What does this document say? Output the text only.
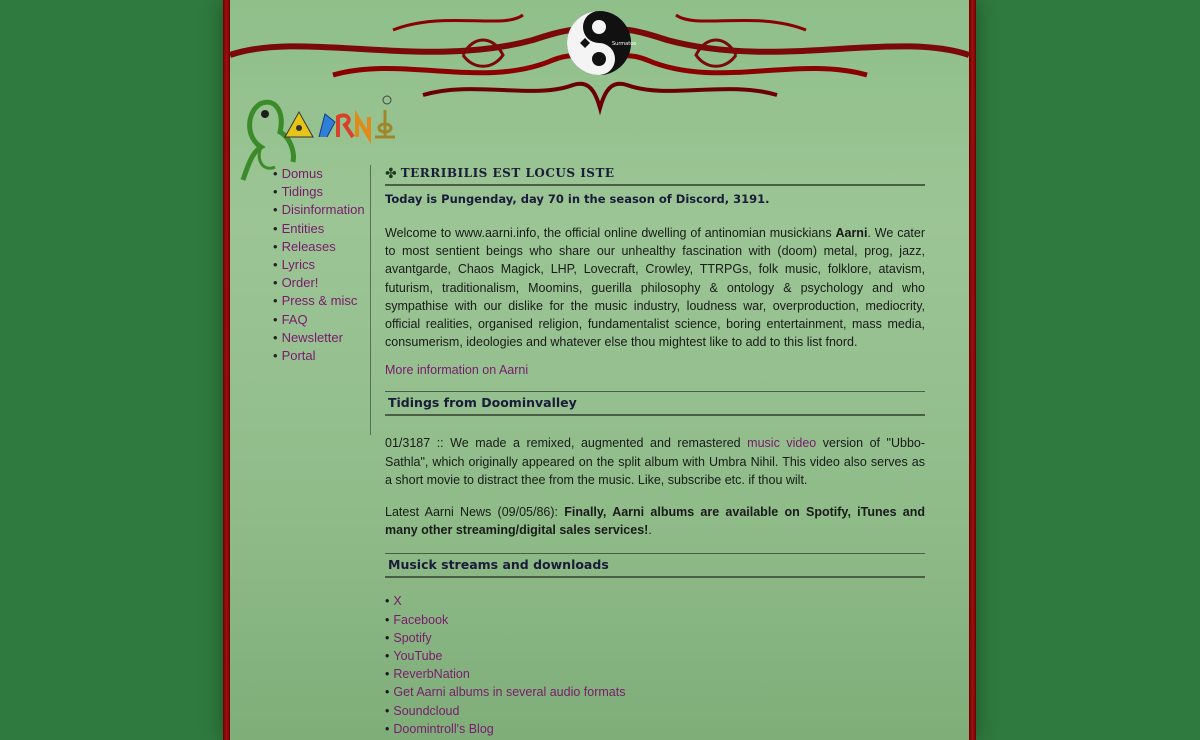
Surmatoe
AARNI
• Domus
• Tidings
• Disinformation
• Entities
• Releases
• Lyrics
• Order!
• Press & misc
• FAQ
• Newsletter
• Portal
✤ TERRIBILIS EST LOCUS ISTE
Today is Pungenday, day 70 in the season of Discord, 3191.

Welcome to www.aarni.info, the official online dwelling of antinomian musickians Aarni. We cater to most sentient beings who share our unhealthy fascination with (doom) metal, prog, jazz, avantgarde, Chaos Magick, LHP, Lovecraft, Crowley, TTRPGs, folk music, folklore, atavism, futurism, traditionalism, Moomins, guerilla philosophy & ontology & psychology and who sympathise with our dislike for the music industry, loudness war, overproduction, mediocrity, official realities, organised religion, fundamentalist science, boring entertainment, mass media, consumerism, ideologies and whatever else thou mightest like to add to this list fnord.

More information on Aarni
Tidings from Doominvalley

01/3187 :: We made a remixed, augmented and remastered music video version of "Ubbo-Sathla", which originally appeared on the split album with Umbra Nihil. This video also serves as a short movie to distract thee from the music. Like, subscribe etc. if thou wilt.

Latest Aarni News (09/05/86): Finally, Aarni albums are available on Spotify, iTunes and many other streaming/digital sales services!.

Musick streams and downloads
• X
• Facebook
• Spotify
• YouTube
• ReverbNation
• Get Aarni albums in several audio formats
• Soundcloud
• Doomintroll's Blog
